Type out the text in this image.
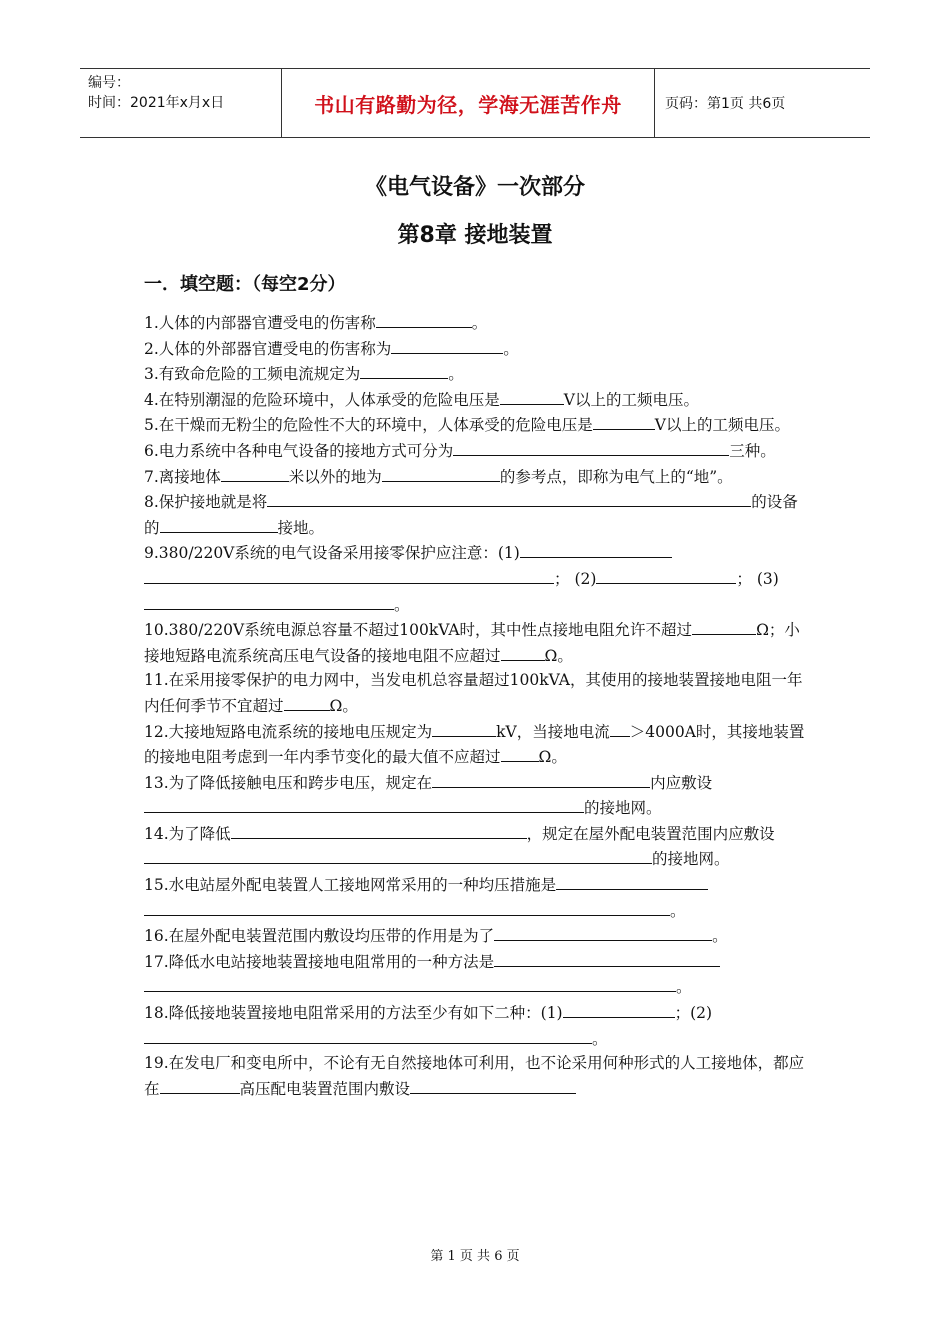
编号：
时间：2021年x月x日	书山有路勤为径，学海无涯苦作舟	页码：第1页 共6页
《电气设备》一次部分
第8章 接地装置
一．填空题：（每空2分）

1.人体的内部器官遭受电的伤害称	。

2.人体的外部器官遭受电的伤害称为	。

3.有致命危险的工频电流规定为	。

4.在特别潮湿的危险环境中，人体承受的危险电压是	V以上的工频电压。

5.在干燥而无粉尘的危险性不大的环境中，人体承受的危险电压是	V以上的工频电压。

6.电力系统中各种电气设备的接地方式可分为	三种。

7.离接地体	米以外的地为	的参考点，即称为电气上的“地”。

8.保护接地就是将	的设备的	接地。

9.380/220V系统的电气设备采用接零保护应注意：(1)； (2)	； (3)。

10.380/220V系统电源总容量不超过100kVA时，其中性点接地电阻允许不超过	Ω；小接地短路电流系统高压电气设备的接地电阻不应超过	Ω。

11.在采用接零保护的电力网中，当发电机总容量超过100kVA，其使用的接地装置接地电阻一年内任何季节不宜超过	Ω。

12.大接地短路电流系统的接地电压规定为	kV，当接地电流 ＞4000A时，其接地装置的接地电阻考虑到一年内季节变化的最大值不应超过 Ω。

13.为了降低接触电压和跨步电压，规定在	内应敷设的接地网。

14.为了降低	，规定在屋外配电装置范围内应敷设的接地网。

15.水电站屋外配电装置人工接地网常采用的一种均压措施是。

16.在屋外配电装置范围内敷设均压带的作用是为了	。

17.降低水电站接地装置接地电阻常用的一种方法是。

18.降低接地装置接地电阻常采用的方法至少有如下二种：(1)	；(2)。

19.在发电厂和变电所中，不论有无自然接地体可利用，也不论采用何种形式的人工接地体，都应在	高压配电装置范围内敷设

第 1 页 共 6 页
